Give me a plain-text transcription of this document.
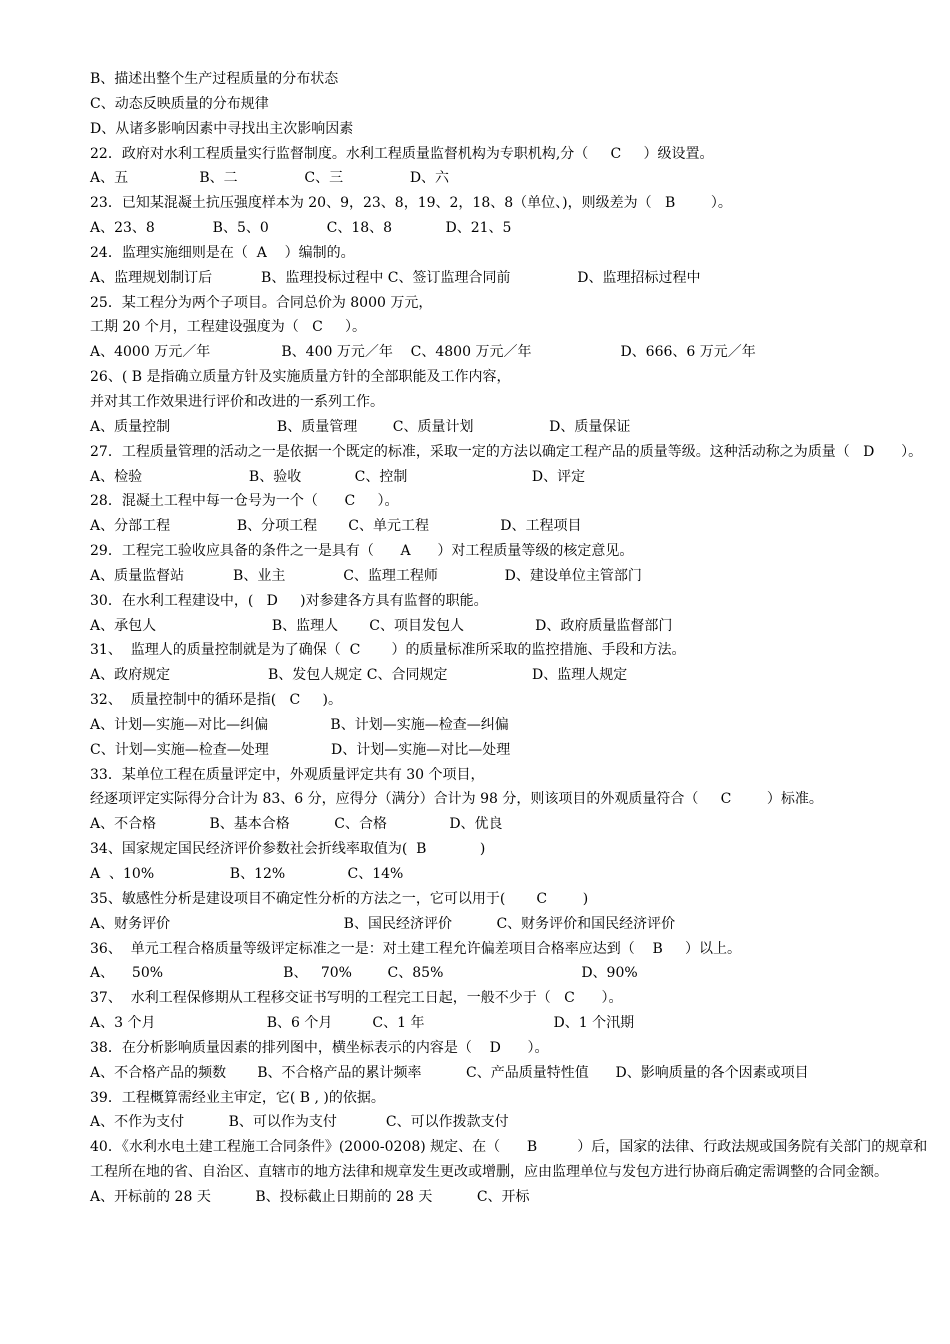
B、描述出整个生产过程质量的分布状态
C、动态反映质量的分布规律
D、从诸多影响因素中寻找出主次影响因素
22．政府对水利工程质量实行监督制度。水利工程质量监督机构为专职机构,分（     C     ）级设置。
A、五                B、二               C、三               D、六
23．已知某混凝土抗压强度样本为 20、9，23、8，19、2，18、8（单位、)，则级差为（   B        ）。
A、23、8             B、5、0             C、18、8            D、21、5
24．监理实施细则是在（  A    ）编制的。
A、监理规划制订后           B、监理投标过程中 C、签订监理合同前               D、监理招标过程中
25．某工程分为两个子项目。合同总价为 8000 万元，
工期 20 个月，工程建设强度为（   C     ）。
A、4000 万元／年                B、400 万元／年    C、4800 万元／年                    D、666、6 万元／年
26、( B 是指确立质量方针及实施质量方针的全部职能及工作内容，
并对其工作效果进行评价和改进的一系列工作。
A、质量控制                        B、质量管理        C、质量计划                 D、质量保证
27．工程质量管理的活动之一是依据一个既定的标准，采取一定的方法以确定工程产品的质量等级。这种活动称之为质量（   D      ）。
A、检验                        B、验收            C、控制                            D、评定
28．混凝土工程中每一仓号为一个（      C     ）。
A、分部工程               B、分项工程       C、单元工程                D、工程项目
29．工程完工验收应具备的条件之一是具有（      A      ）对工程质量等级的核定意见。
A、质量监督站           B、业主             C、监理工程师               D、建设单位主管部门
30．在水利工程建设中，(   D     )对参建各方具有监督的职能。
A、承包人                          B、监理人       C、项目发包人                D、政府质量监督部门
31、  监理人的质量控制就是为了确保（  C       ）的质量标准所采取的监控措施、手段和方法。
A、政府规定                      B、发包人规定 C、合同规定                   D、监理人规定
32、  质量控制中的循环是指(   C     )。
A、计划—实施—对比—纠偏              B、计划—实施—检查—纠偏
C、计划—实施—检查—处理              D、计划—实施—对比—处理
33．某单位工程在质量评定中，外观质量评定共有 30 个项目，
经逐项评定实际得分合计为 83、6 分，应得分（满分）合计为 98 分，则该项目的外观质量符合（     C        ）标准。
A、不合格            B、基本合格          C、合格              D、优良
34、国家规定国民经济评价参数社会折线率取值为(  B            )
A  、10%                 B、12%              C、14%
35、敏感性分析是建设项目不确定性分析的方法之一，它可以用于(       C        )
A、财务评价                                       B、国民经济评价          C、财务评价和国民经济评价
36、  单元工程合格质量等级评定标准之一是：对土建工程允许偏差项目合格率应达到（    B     ）以上。
A、    50%                           B、   70%        C、85%                               D、90%
37、  水利工程保修期从工程移交证书写明的工程完工日起，一般不少于（   C      ）。
A、3 个月                         B、6 个月         C、1 年                             D、1 个汛期
38．在分析影响质量因素的排列图中，横坐标表示的内容是（    D      ）。
A、不合格产品的频数       B、不合格产品的累计频率          C、产品质量特性值      D、影响质量的各个因素或项目
39．工程概算需经业主审定，它( B , )的依据。
A、不作为支付          B、可以作为支付           C、可以作拨款支付
40．《水利水电土建工程施工合同条件》(2000-0208) 规定、在（      B         ）后，国家的法律、行政法规或国务院有关部门的规章和工程所在地的省、自治区、直辖市的地方法律和规章发生更改或增删，应由监理单位与发包方进行协商后确定需调整的合同金额。
A、开标前的 28 天          B、投标截止日期前的 28 天          C、开标
